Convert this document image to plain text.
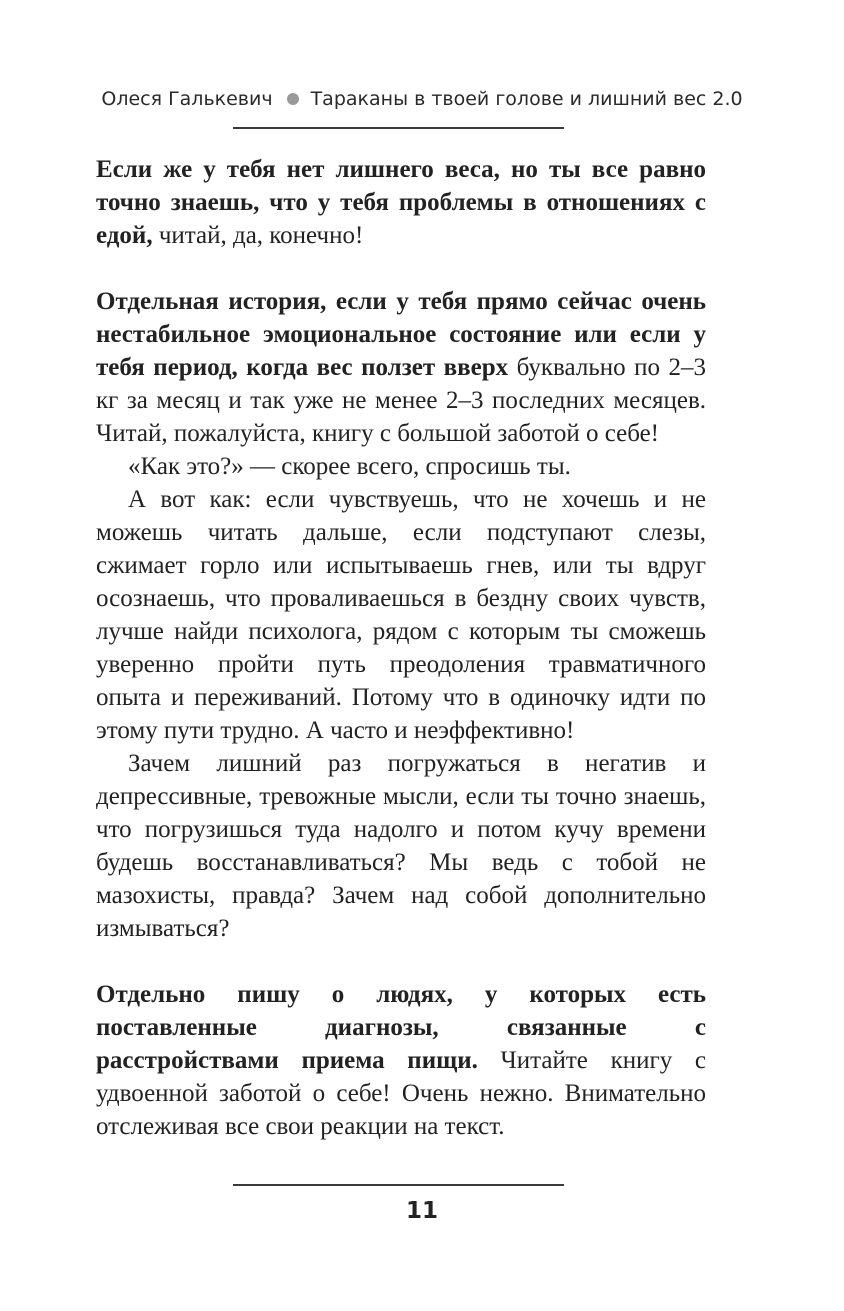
Олеся Галькевич Тараканы в твоей голове и лишний вес 2.0

Если же у тебя нет лишнего веса, но ты все равно точно знаешь, что у тебя проблемы в отношениях с едой, читай, да, конечно!

Отдельная история, если у тебя прямо сейчас очень нестабильное эмоциональное состояние или если у тебя период, когда вес ползет вверх буквально по 2–3 кг за месяц и так уже не менее 2–3 последних месяцев. Читай, пожалуйста, книгу с большой заботой о себе!

«Как это?» — скорее всего, спросишь ты.

А вот как: если чувствуешь, что не хочешь и не можешь читать дальше, если подступают слезы, сжимает горло или испытываешь гнев, или ты вдруг осознаешь, что проваливаешься в бездну своих чувств, лучше найди психолога, рядом с которым ты сможешь уверенно пройти путь преодоления травматичного опыта и переживаний. Потому что в одиночку идти по этому пути трудно. А часто и неэффективно!

Зачем лишний раз погружаться в негатив и депрессивные, тревожные мысли, если ты точно знаешь, что погрузишься туда надолго и потом кучу времени будешь восстанавливаться? Мы ведь с тобой не мазохисты, правда? Зачем над собой дополнительно измываться?

Отдельно пишу о людях, у которых есть поставленные диагнозы, связанные с расстройствами приема пищи. Читайте книгу с удвоенной заботой о себе! Очень нежно. Внимательно отслеживая все свои реакции на текст.

11
